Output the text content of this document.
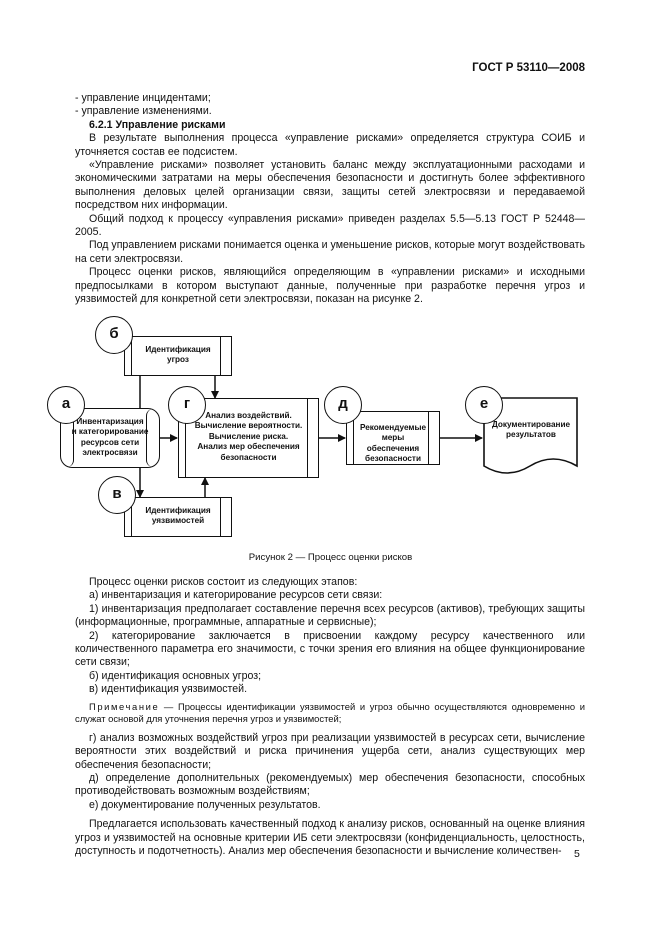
ГОСТ Р 53110—2008

- управление инцидентами;

- управление изменениями.

6.2.1 Управление рисками

В результате выполнения процесса «управление рисками» определяется структура СОИБ и уточняется состав ее подсистем.

«Управление рисками» позволяет установить баланс между эксплуатационными расходами и экономическими затратами на меры обеспечения безопасности и достигнуть более эффективного выполнения деловых целей организации связи, защиты сетей электросвязи и передаваемой посредством них информации.

Общий подход к процессу «управления рисками» приведен разделах 5.5—5.13 ГОСТ Р 52448—2005.

Под управлением рисками понимается оценка и уменьшение рисков, которые могут воздействовать на сети электросвязи.

Процесс оценки рисков, являющийся определяющим в «управлении рисками» и исходными предпосылками в котором выступают данные, полученные при разработке перечня угроз и уязвимостей для конкретной сети электросвязи, показан на рисунке 2.

Идентификация
угроз
Инвентаризация
и категорирование
ресурсов сети
электросвязи
Анализ воздействий.
Вычисление вероятности.
Вычисление риска.
Анализ мер обеспечения
безопасности
Рекомендуемые
меры обеспечения
безопасности
Документирование
результатов
Идентификация
уязвимостей
б
а	г	д	е
в
Рисунок 2 — Процесс оценки рисков

Процесс оценки рисков состоит из следующих этапов:

а) инвентаризация и категорирование ресурсов сети связи:

1) инвентаризация предполагает составление перечня всех ресурсов (активов), требующих защиты (информационные, программные, аппаратные и сервисные);

2) категорирование заключается в присвоении каждому ресурсу качественного или количественного параметра его значимости, с точки зрения его влияния на общее функционирование сети связи;

б) идентификация основных угроз;

в) идентификация уязвимостей.

Примечание — Процессы идентификации уязвимостей и угроз обычно осуществляются одновременно и служат основой для уточнения перечня угроз и уязвимостей;

г) анализ возможных воздействий угроз при реализации уязвимостей в ресурсах сети, вычисление вероятности этих воздействий и риска причинения ущерба сети, анализ существующих мер обеспечения безопасности;

д) определение дополнительных (рекомендуемых) мер обеспечения безопасности, способных противодействовать возможным воздействиям;

е) документирование полученных результатов.

Предлагается использовать качественный подход к анализу рисков, основанный на оценке влияния угроз и уязвимостей на основные критерии ИБ сети электросвязи (конфиденциальность, целостность, доступность и подотчетность). Анализ мер обеспечения безопасности и вычисление количествен-	5
